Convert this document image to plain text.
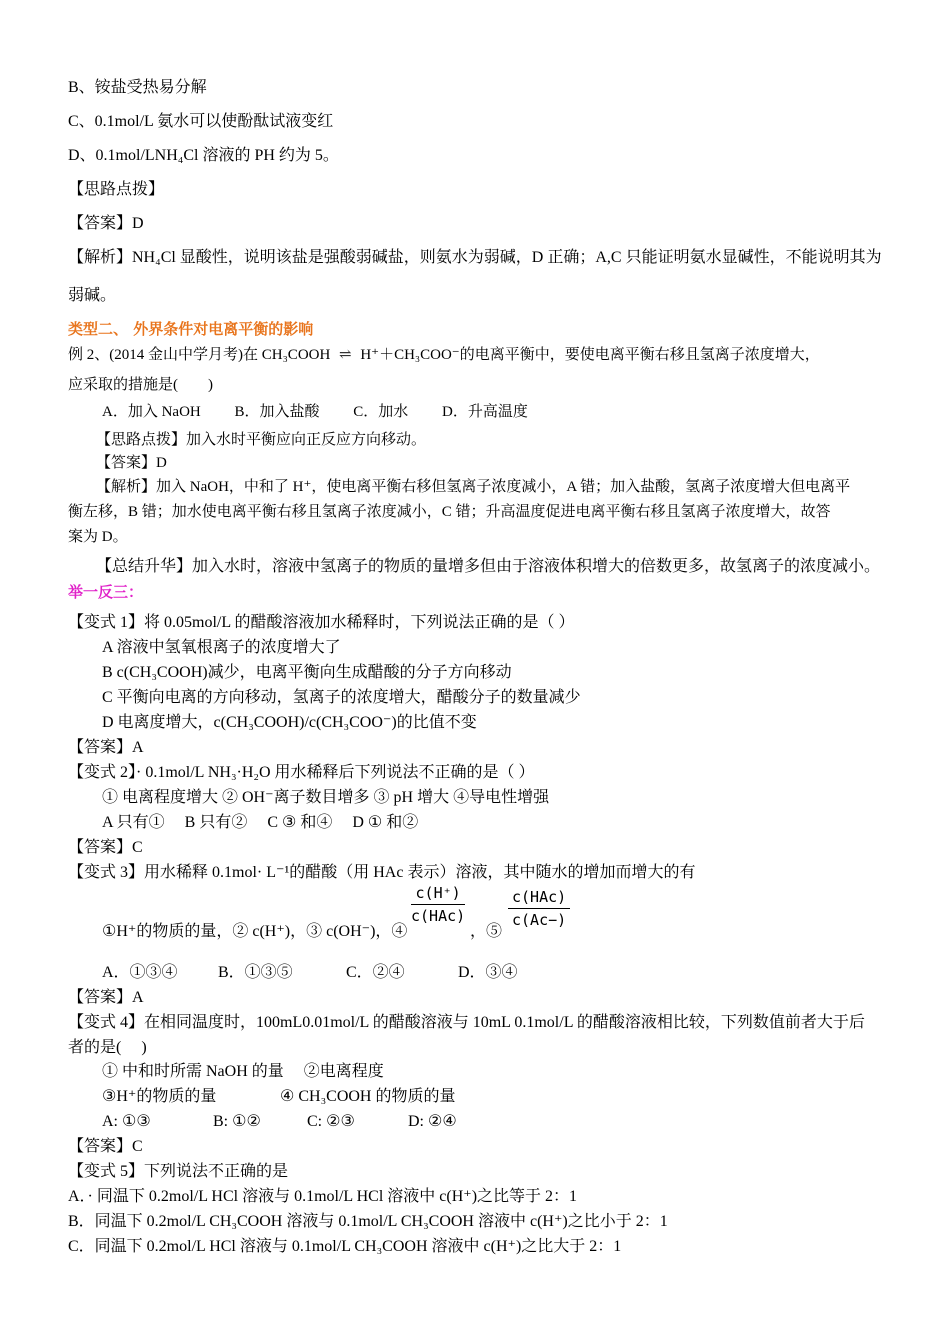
B、铵盐受热易分解
C、0.1mol/L 氨水可以使酚酞试液变红
D、0.1mol/LNH₄Cl 溶液的 PH 约为 5。
【思路点拨】
【答案】D
【解析】NH₄Cl 显酸性，说明该盐是强酸弱碱盐，则氨水为弱碱，D 正确；A,C 只能证明氨水显碱性，不能说明其为
弱碱。
类型二、 外界条件对电离平衡的影响
例 2、(2014 金山中学月考)在 CH₃COOH ⇌ H⁺＋CH₃COO⁻的电离平衡中，要使电离平衡右移且氢离子浓度增大，
应采取的措施是(　　)
A．加入 NaOH　　 B．加入盐酸　　 C．加水　　 D．升高温度
【思路点拨】加入水时平衡应向正反应方向移动。
【答案】D
【解析】加入 NaOH，中和了 H⁺，使电离平衡右移但氢离子浓度减小，A 错；加入盐酸，氢离子浓度增大但电离平
衡左移，B 错；加水使电离平衡右移且氢离子浓度减小，C 错；升高温度促进电离平衡右移且氢离子浓度增大，故答
案为 D。
【总结升华】加入水时，溶液中氢离子的物质的量增多但由于溶液体积增大的倍数更多，故氢离子的浓度减小。
举一反三：
【变式 1】将 0.05mol/L 的醋酸溶液加水稀释时，下列说法正确的是（ ）
A 溶液中氢氧根离子的浓度增大了
B c(CH₃COOH)减少，电离平衡向生成醋酸的分子方向移动
C 平衡向电离的方向移动，氢离子的浓度增大，醋酸分子的数量减少
D 电离度增大，c(CH₃COOH)/c(CH₃COO⁻)的比值不变
【答案】A
【变式 2】· 0.1mol/L NH₃·H₂O 用水稀释后下列说法不正确的是（ ）
① 电离程度增大 ② OH⁻离子数目增多 ③ pH 增大 ④导电性增强
A 只有①　 B 只有②　 C ③ 和④　 D ① 和②
【答案】C
【变式 3】用水稀释 0.1mol· L⁻¹的醋酸（用 HAc 表示）溶液，其中随水的增加而增大的有
①H⁺的物质的量，② c(H⁺)，③ c(OH⁻)，④
c(H⁺)
c(HAc)
，⑤
c(HAc)
c(Ac−)
A．①③④	B．①③⑤	C．②④	D．③④
【答案】A
【变式 4】在相同温度时，100mL0.01mol/L 的醋酸溶液与 10mL 0.1mol/L 的醋酸溶液相比较，下列数值前者大于后
者的是(　 )
① 中和时所需 NaOH 的量　 ②电离程度
③H⁺的物质的量	④ CH₃COOH 的物质的量
A: ①③	B: ①②	C: ②③	D: ②④
【答案】C
【变式 5】下列说法不正确的是
A．· 同温下 0.2mol/L HCl 溶液与 0.1mol/L HCl 溶液中 c(H⁺)之比等于 2：1
B．同温下 0.2mol/L CH₃COOH 溶液与 0.1mol/L CH₃COOH 溶液中 c(H⁺)之比小于 2：1
C．同温下 0.2mol/L HCl 溶液与 0.1mol/L CH₃COOH 溶液中 c(H⁺)之比大于 2：1
